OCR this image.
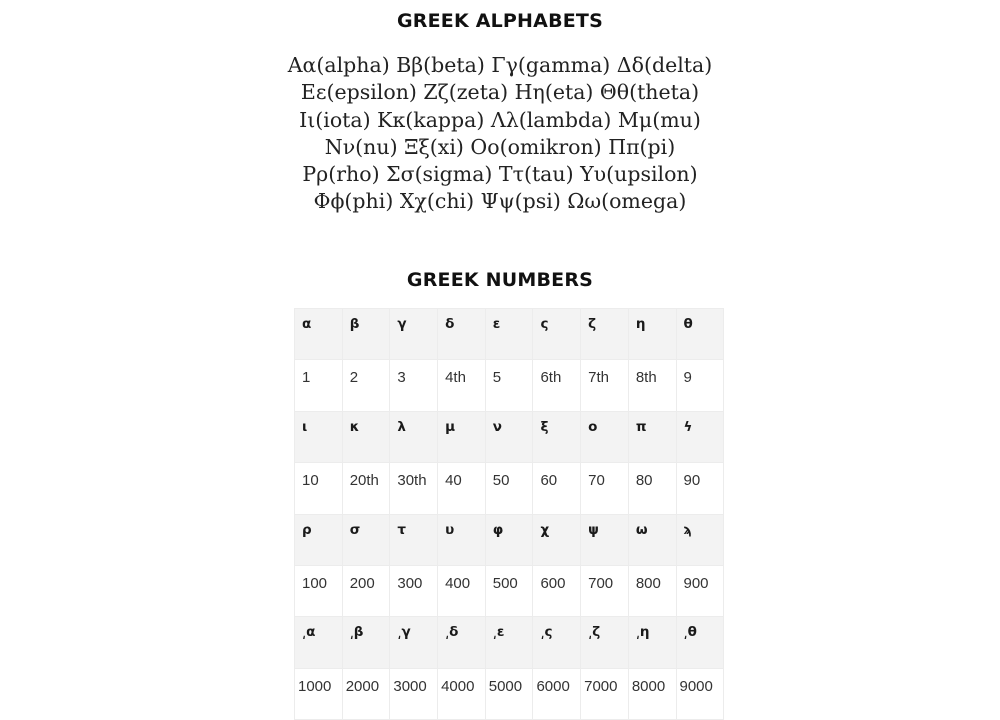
GREEK ALPHABETS
Aα(alpha) Bβ(beta) Γγ(gamma) Δδ(delta)
Eε(epsilon) Zζ(zeta) Hη(eta) Θθ(theta)
Iι(iota) Kκ(kappa) Λλ(lambda) Mμ(mu)
Nν(nu) Ξξ(xi) Oo(omikron) Ππ(pi)
Pρ(rho) Σσ(sigma) Tτ(tau) Yυ(upsilon)
Φϕ(phi) Xχ(chi) Ψψ(psi) Ωω(omega)
GREEK NUMBERS
α	β	γ	δ	ε	ς	ζ	η	θ
1	2	3	4th	5	6th	7th	8th	9
ι	κ	λ	μ	ν	ξ	ο	π	ϟ
10	20th	30th	40	50	60	70	80	90
ρ	σ	τ	υ	φ	χ	ψ	ω	ϡ
100	200	300	400	500	600	700	800	900
͵α	͵β	͵γ	͵δ	͵ε	͵ς	͵ζ	͵η	͵θ
1000	2000	3000	4000	5000	6000	7000	8000	9000
